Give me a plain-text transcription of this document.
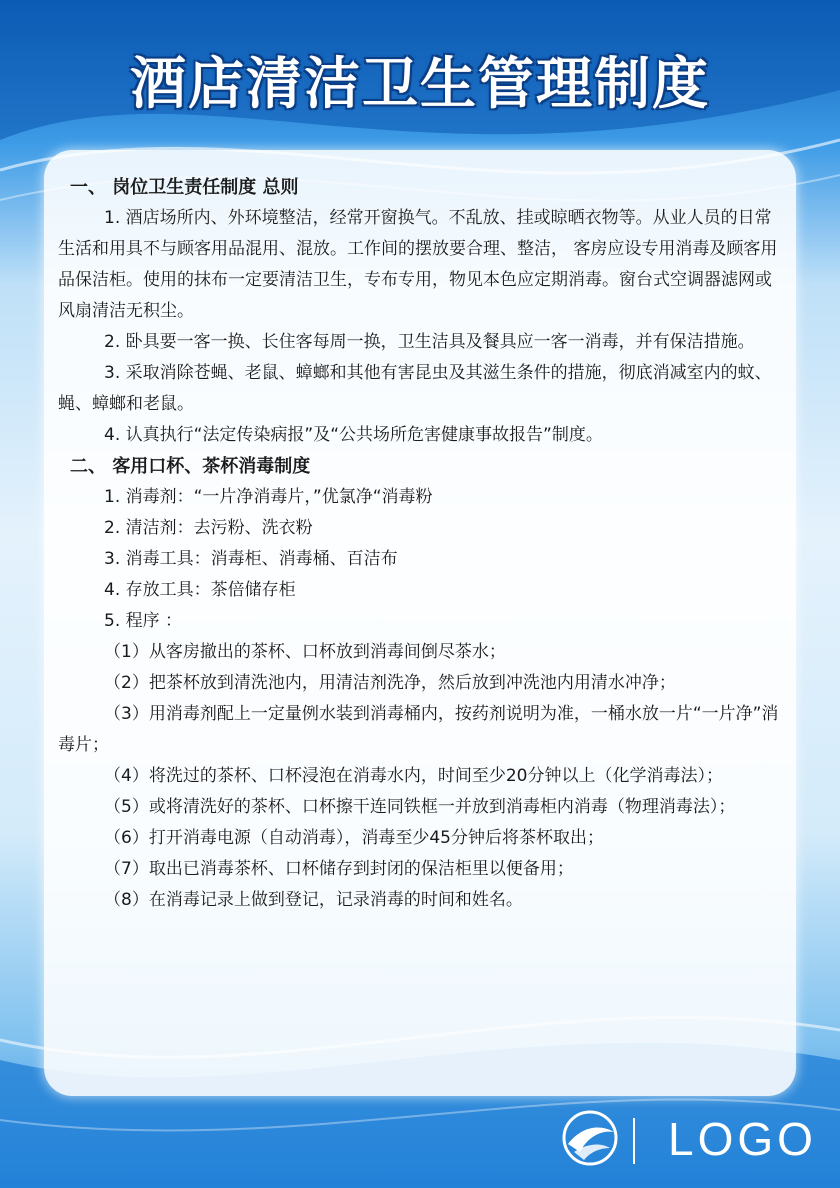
酒店清洁卫生管理制度
一、 岗位卫生责任制度 总则

1. 酒店场所内、外环境整洁，经常开窗换气。不乱放、挂或晾晒衣物等。从业人员的日常生活和用具不与顾客用品混用、混放。工作间的摆放要合理、整洁， 客房应设专用消毒及顾客用品保洁柜。使用的抹布一定要清洁卫生，专布专用，物见本色应定期消毒。窗台式空调器滤网或风扇清洁无积尘。

2. 卧具要一客一换、长住客每周一换，卫生洁具及餐具应一客一消毒，并有保洁措施。

3. 采取消除苍蝇、老鼠、蟑螂和其他有害昆虫及其滋生条件的措施，彻底消减室内的蚊、蝇、蟑螂和老鼠。

4. 认真执行“法定传染病报”及“公共场所危害健康事故报告”制度。

二、 客用口杯、茶杯消毒制度

1. 消毒剂：“一片净消毒片，”优氯净“消毒粉

2. 清洁剂：去污粉、洗衣粉

3. 消毒工具：消毒柜、消毒桶、百洁布

4. 存放工具：茶倍储存柜

5. 程序 ：

（1）从客房撤出的茶杯、口杯放到消毒间倒尽茶水；

（2）把茶杯放到清洗池内，用清洁剂洗净，然后放到冲洗池内用清水冲净；

（3）用消毒剂配上一定量例水装到消毒桶内，按药剂说明为准，一桶水放一片“一片净”消毒片；

（4）将洗过的茶杯、口杯浸泡在消毒水内，时间至少20分钟以上（化学消毒法）；

（5）或将清洗好的茶杯、口杯擦干连同铁框一并放到消毒柜内消毒（物理消毒法）；

（6）打开消毒电源（自动消毒），消毒至少45分钟后将茶杯取出；

（7）取出已消毒茶杯、口杯储存到封闭的保洁柜里以便备用；

（8）在消毒记录上做到登记，记录消毒的时间和姓名。

LOGO
